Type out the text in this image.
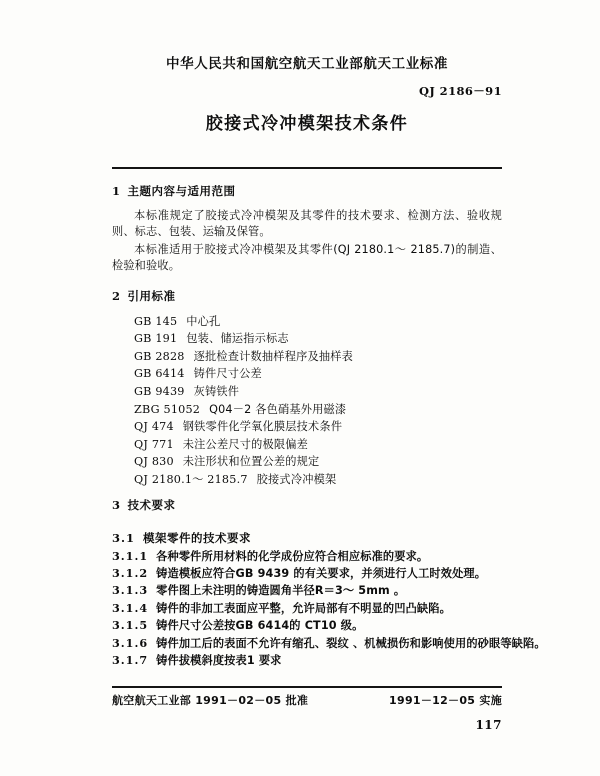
中华人民共和国航空航天工业部航天工业标准
QJ 2186－91
胶接式冷冲模架技术条件
1 主题内容与适用范围

本标准规定了胶接式冷冲模架及其零件的技术要求、检测方法、验收规则、标志、包装、运输及保管。

本标准适用于胶接式冷冲模架及其零件(QJ 2180.1～ 2185.7)的制造、检验和验收。

2 引用标准
GB 145 中心孔
GB 191 包装、储运指示标志
GB 2828 逐批检查计数抽样程序及抽样表
GB 6414 铸件尺寸公差
GB 9439 灰铸铁件
ZBG 51052 Q04－2 各色硝基外用磁漆
QJ 474 钢铁零件化学氧化膜层技术条件
QJ 771 未注公差尺寸的极限偏差
QJ 830 未注形状和位置公差的规定
QJ 2180.1～ 2185.7 胶接式冷冲模架
3 技术要求
3.1 模架零件的技术要求

3.1.1 各种零件所用材料的化学成份应符合相应标准的要求。

3.1.2 铸造模板应符合GB 9439 的有关要求，并须进行人工时效处理。

3.1.3 零件图上未注明的铸造圆角半径R＝3～ 5mm 。

3.1.4 铸件的非加工表面应平整，允许局部有不明显的凹凸缺陷。

3.1.5 铸件尺寸公差按GB 6414的 CT10 级。

3.1.6 铸件加工后的表面不允许有缩孔、裂纹 、机械损伤和影响使用的砂眼等缺陷。

3.1.7 铸件拔模斜度按表1 要求

航空航天工业部 1991－02－05 批准	1991－12－05 实施
117
